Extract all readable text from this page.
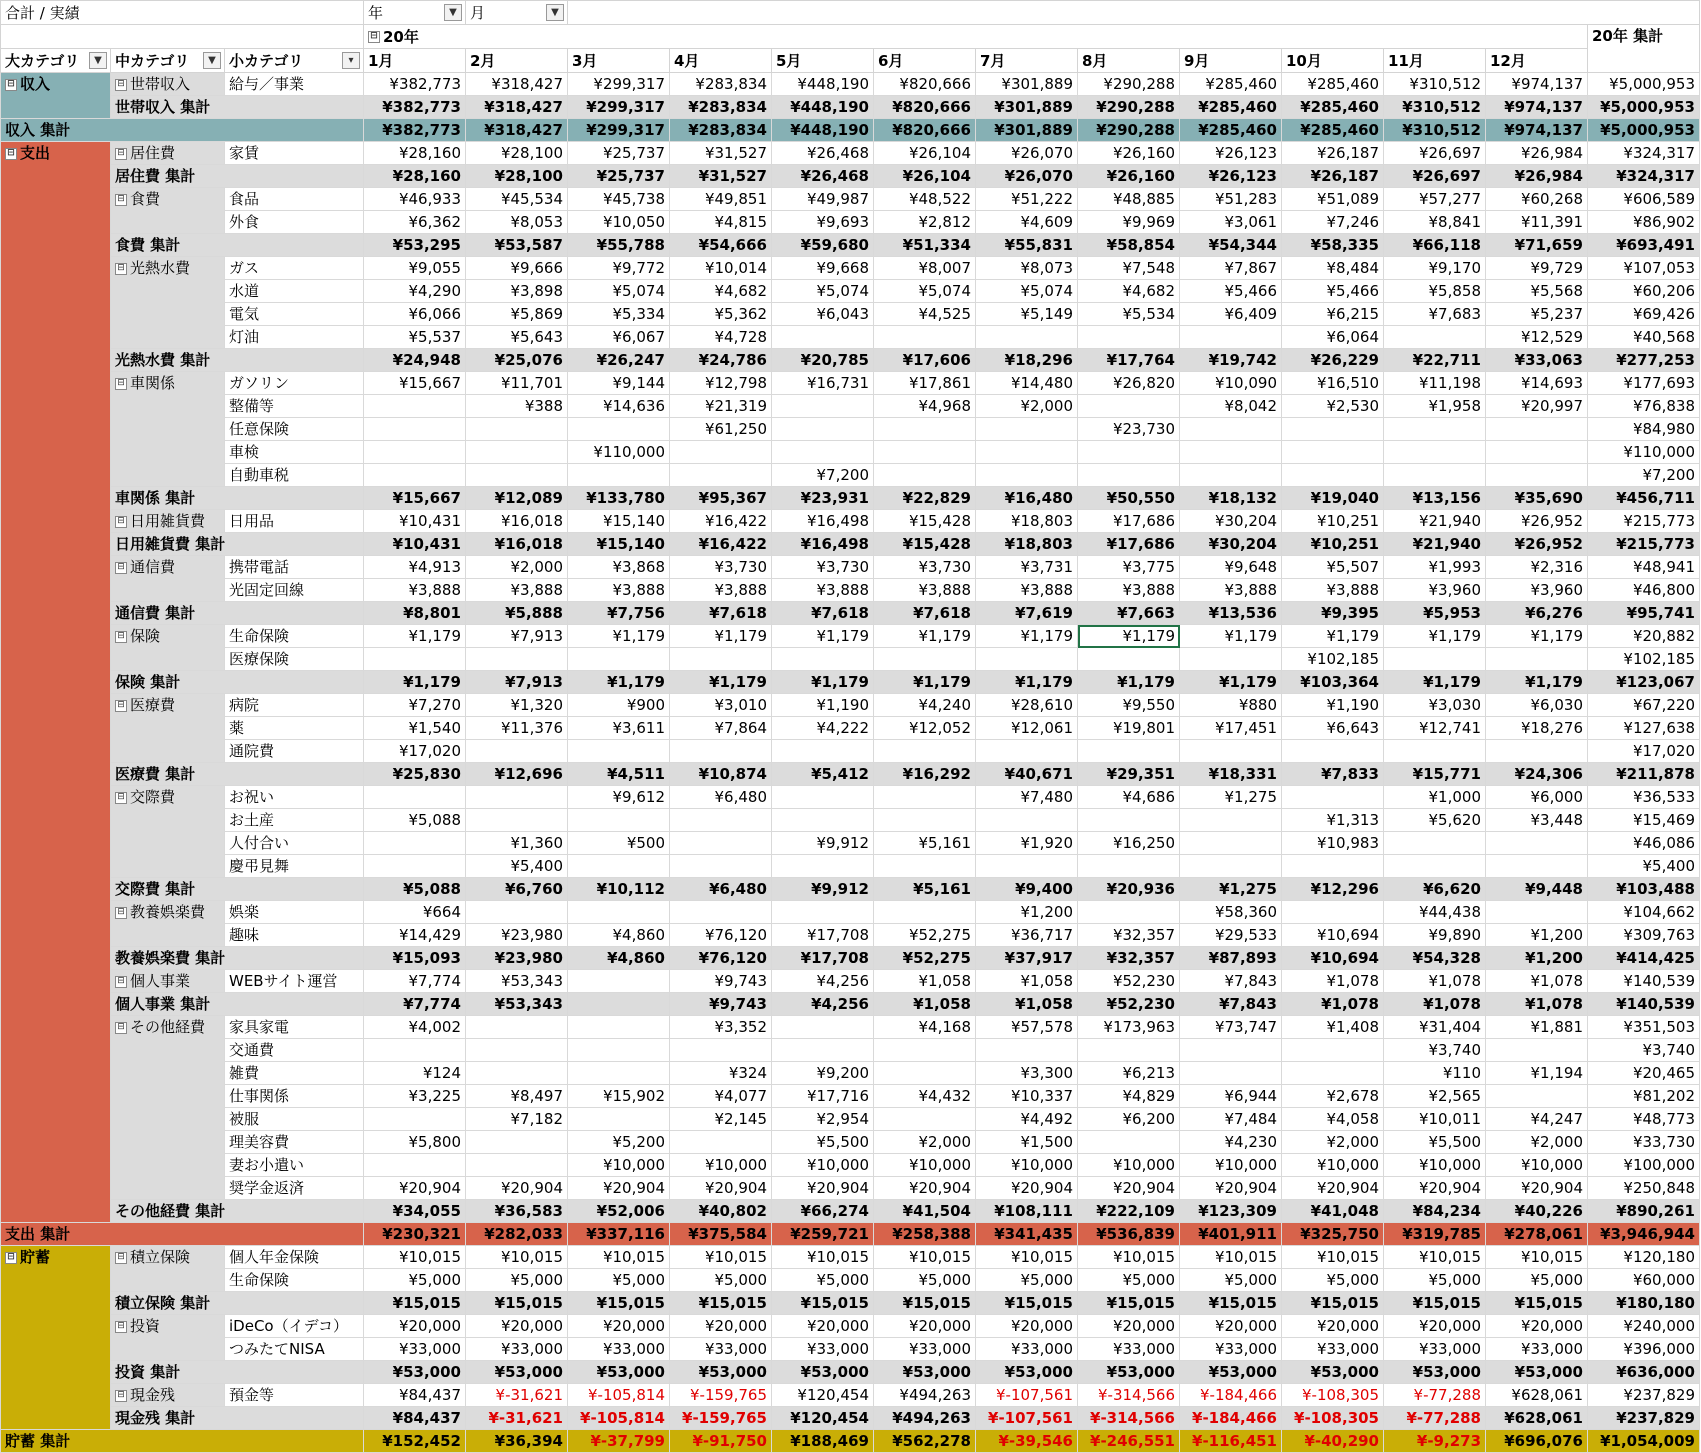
合計 / 実績			年 ▼	月 ▼											

			⊟ 20年												20年 集計
大カテゴリ ▼	中カテゴリ ▼	小カテゴリ ▾	1月	2月	3月	4月	5月	6月	7月	8月	9月	10月	11月	12月	
⊟ 収入	⊟ 世帯収入	給与／事業	¥382,773	¥318,427	¥299,317	¥283,834	¥448,190	¥820,666	¥301,889	¥290,288	¥285,460	¥285,460	¥310,512	¥974,137	¥5,000,953
	世帯収入 集計		¥382,773	¥318,427	¥299,317	¥283,834	¥448,190	¥820,666	¥301,889	¥290,288	¥285,460	¥285,460	¥310,512	¥974,137	¥5,000,953
収入 集計			¥382,773	¥318,427	¥299,317	¥283,834	¥448,190	¥820,666	¥301,889	¥290,288	¥285,460	¥285,460	¥310,512	¥974,137	¥5,000,953
⊟ 支出	⊟ 居住費	家賃	¥28,160	¥28,100	¥25,737	¥31,527	¥26,468	¥26,104	¥26,070	¥26,160	¥26,123	¥26,187	¥26,697	¥26,984	¥324,317
	居住費 集計		¥28,160	¥28,100	¥25,737	¥31,527	¥26,468	¥26,104	¥26,070	¥26,160	¥26,123	¥26,187	¥26,697	¥26,984	¥324,317
	⊟ 食費	食品	¥46,933	¥45,534	¥45,738	¥49,851	¥49,987	¥48,522	¥51,222	¥48,885	¥51,283	¥51,089	¥57,277	¥60,268	¥606,589
		外食	¥6,362	¥8,053	¥10,050	¥4,815	¥9,693	¥2,812	¥4,609	¥9,969	¥3,061	¥7,246	¥8,841	¥11,391	¥86,902
	食費 集計		¥53,295	¥53,587	¥55,788	¥54,666	¥59,680	¥51,334	¥55,831	¥58,854	¥54,344	¥58,335	¥66,118	¥71,659	¥693,491
	⊟ 光熱水費	ガス	¥9,055	¥9,666	¥9,772	¥10,014	¥9,668	¥8,007	¥8,073	¥7,548	¥7,867	¥8,484	¥9,170	¥9,729	¥107,053
		水道	¥4,290	¥3,898	¥5,074	¥4,682	¥5,074	¥5,074	¥5,074	¥4,682	¥5,466	¥5,466	¥5,858	¥5,568	¥60,206
		電気	¥6,066	¥5,869	¥5,334	¥5,362	¥6,043	¥4,525	¥5,149	¥5,534	¥6,409	¥6,215	¥7,683	¥5,237	¥69,426
		灯油	¥5,537	¥5,643	¥6,067	¥4,728						¥6,064		¥12,529	¥40,568
	光熱水費 集計		¥24,948	¥25,076	¥26,247	¥24,786	¥20,785	¥17,606	¥18,296	¥17,764	¥19,742	¥26,229	¥22,711	¥33,063	¥277,253
	⊟ 車関係	ガソリン	¥15,667	¥11,701	¥9,144	¥12,798	¥16,731	¥17,861	¥14,480	¥26,820	¥10,090	¥16,510	¥11,198	¥14,693	¥177,693
		整備等		¥388	¥14,636	¥21,319		¥4,968	¥2,000		¥8,042	¥2,530	¥1,958	¥20,997	¥76,838
		任意保険				¥61,250				¥23,730					¥84,980
		車検			¥110,000										¥110,000
		自動車税					¥7,200								¥7,200
	車関係 集計		¥15,667	¥12,089	¥133,780	¥95,367	¥23,931	¥22,829	¥16,480	¥50,550	¥18,132	¥19,040	¥13,156	¥35,690	¥456,711
	⊟ 日用雑貨費	日用品	¥10,431	¥16,018	¥15,140	¥16,422	¥16,498	¥15,428	¥18,803	¥17,686	¥30,204	¥10,251	¥21,940	¥26,952	¥215,773
	日用雑貨費 集計		¥10,431	¥16,018	¥15,140	¥16,422	¥16,498	¥15,428	¥18,803	¥17,686	¥30,204	¥10,251	¥21,940	¥26,952	¥215,773
	⊟ 通信費	携帯電話	¥4,913	¥2,000	¥3,868	¥3,730	¥3,730	¥3,730	¥3,731	¥3,775	¥9,648	¥5,507	¥1,993	¥2,316	¥48,941
		光固定回線	¥3,888	¥3,888	¥3,888	¥3,888	¥3,888	¥3,888	¥3,888	¥3,888	¥3,888	¥3,888	¥3,960	¥3,960	¥46,800
	通信費 集計		¥8,801	¥5,888	¥7,756	¥7,618	¥7,618	¥7,618	¥7,619	¥7,663	¥13,536	¥9,395	¥5,953	¥6,276	¥95,741
	⊟ 保険	生命保険	¥1,179	¥7,913	¥1,179	¥1,179	¥1,179	¥1,179	¥1,179	¥1,179	¥1,179	¥1,179	¥1,179	¥1,179	¥20,882
		医療保険										¥102,185			¥102,185
	保険 集計		¥1,179	¥7,913	¥1,179	¥1,179	¥1,179	¥1,179	¥1,179	¥1,179	¥1,179	¥103,364	¥1,179	¥1,179	¥123,067
	⊟ 医療費	病院	¥7,270	¥1,320	¥900	¥3,010	¥1,190	¥4,240	¥28,610	¥9,550	¥880	¥1,190	¥3,030	¥6,030	¥67,220
		薬	¥1,540	¥11,376	¥3,611	¥7,864	¥4,222	¥12,052	¥12,061	¥19,801	¥17,451	¥6,643	¥12,741	¥18,276	¥127,638
		通院費	¥17,020												¥17,020
	医療費 集計		¥25,830	¥12,696	¥4,511	¥10,874	¥5,412	¥16,292	¥40,671	¥29,351	¥18,331	¥7,833	¥15,771	¥24,306	¥211,878
	⊟ 交際費	お祝い			¥9,612	¥6,480			¥7,480	¥4,686	¥1,275		¥1,000	¥6,000	¥36,533
		お土産	¥5,088									¥1,313	¥5,620	¥3,448	¥15,469
		人付合い		¥1,360	¥500		¥9,912	¥5,161	¥1,920	¥16,250		¥10,983			¥46,086
		慶弔見舞		¥5,400											¥5,400
	交際費 集計		¥5,088	¥6,760	¥10,112	¥6,480	¥9,912	¥5,161	¥9,400	¥20,936	¥1,275	¥12,296	¥6,620	¥9,448	¥103,488
	⊟ 教養娯楽費	娯楽	¥664						¥1,200		¥58,360		¥44,438		¥104,662
		趣味	¥14,429	¥23,980	¥4,860	¥76,120	¥17,708	¥52,275	¥36,717	¥32,357	¥29,533	¥10,694	¥9,890	¥1,200	¥309,763
	教養娯楽費 集計		¥15,093	¥23,980	¥4,860	¥76,120	¥17,708	¥52,275	¥37,917	¥32,357	¥87,893	¥10,694	¥54,328	¥1,200	¥414,425
	⊟ 個人事業	WEBサイト運営	¥7,774	¥53,343		¥9,743	¥4,256	¥1,058	¥1,058	¥52,230	¥7,843	¥1,078	¥1,078	¥1,078	¥140,539
	個人事業 集計		¥7,774	¥53,343		¥9,743	¥4,256	¥1,058	¥1,058	¥52,230	¥7,843	¥1,078	¥1,078	¥1,078	¥140,539
	⊟ その他経費	家具家電	¥4,002			¥3,352		¥4,168	¥57,578	¥173,963	¥73,747	¥1,408	¥31,404	¥1,881	¥351,503
		交通費											¥3,740		¥3,740
		雑費	¥124			¥324	¥9,200		¥3,300	¥6,213			¥110	¥1,194	¥20,465
		仕事関係	¥3,225	¥8,497	¥15,902	¥4,077	¥17,716	¥4,432	¥10,337	¥4,829	¥6,944	¥2,678	¥2,565		¥81,202
		被服		¥7,182		¥2,145	¥2,954		¥4,492	¥6,200	¥7,484	¥4,058	¥10,011	¥4,247	¥48,773
		理美容費	¥5,800		¥5,200		¥5,500	¥2,000	¥1,500		¥4,230	¥2,000	¥5,500	¥2,000	¥33,730
		妻お小遣い			¥10,000	¥10,000	¥10,000	¥10,000	¥10,000	¥10,000	¥10,000	¥10,000	¥10,000	¥10,000	¥100,000
		奨学金返済	¥20,904	¥20,904	¥20,904	¥20,904	¥20,904	¥20,904	¥20,904	¥20,904	¥20,904	¥20,904	¥20,904	¥20,904	¥250,848
	その他経費 集計		¥34,055	¥36,583	¥52,006	¥40,802	¥66,274	¥41,504	¥108,111	¥222,109	¥123,309	¥41,048	¥84,234	¥40,226	¥890,261
支出 集計			¥230,321	¥282,033	¥337,116	¥375,584	¥259,721	¥258,388	¥341,435	¥536,839	¥401,911	¥325,750	¥319,785	¥278,061	¥3,946,944
⊟ 貯蓄	⊟ 積立保険	個人年金保険	¥10,015	¥10,015	¥10,015	¥10,015	¥10,015	¥10,015	¥10,015	¥10,015	¥10,015	¥10,015	¥10,015	¥10,015	¥120,180
		生命保険	¥5,000	¥5,000	¥5,000	¥5,000	¥5,000	¥5,000	¥5,000	¥5,000	¥5,000	¥5,000	¥5,000	¥5,000	¥60,000
	積立保険 集計		¥15,015	¥15,015	¥15,015	¥15,015	¥15,015	¥15,015	¥15,015	¥15,015	¥15,015	¥15,015	¥15,015	¥15,015	¥180,180
	⊟ 投資	iDeCo（イデコ）	¥20,000	¥20,000	¥20,000	¥20,000	¥20,000	¥20,000	¥20,000	¥20,000	¥20,000	¥20,000	¥20,000	¥20,000	¥240,000
		つみたてNISA	¥33,000	¥33,000	¥33,000	¥33,000	¥33,000	¥33,000	¥33,000	¥33,000	¥33,000	¥33,000	¥33,000	¥33,000	¥396,000
	投資 集計		¥53,000	¥53,000	¥53,000	¥53,000	¥53,000	¥53,000	¥53,000	¥53,000	¥53,000	¥53,000	¥53,000	¥53,000	¥636,000
	⊟ 現金残	預金等	¥84,437	¥-31,621	¥-105,814	¥-159,765	¥120,454	¥494,263	¥-107,561	¥-314,566	¥-184,466	¥-108,305	¥-77,288	¥628,061	¥237,829
	現金残 集計		¥84,437	¥-31,621	¥-105,814	¥-159,765	¥120,454	¥494,263	¥-107,561	¥-314,566	¥-184,466	¥-108,305	¥-77,288	¥628,061	¥237,829
貯蓄 集計			¥152,452	¥36,394	¥-37,799	¥-91,750	¥188,469	¥562,278	¥-39,546	¥-246,551	¥-116,451	¥-40,290	¥-9,273	¥696,076	¥1,054,009
